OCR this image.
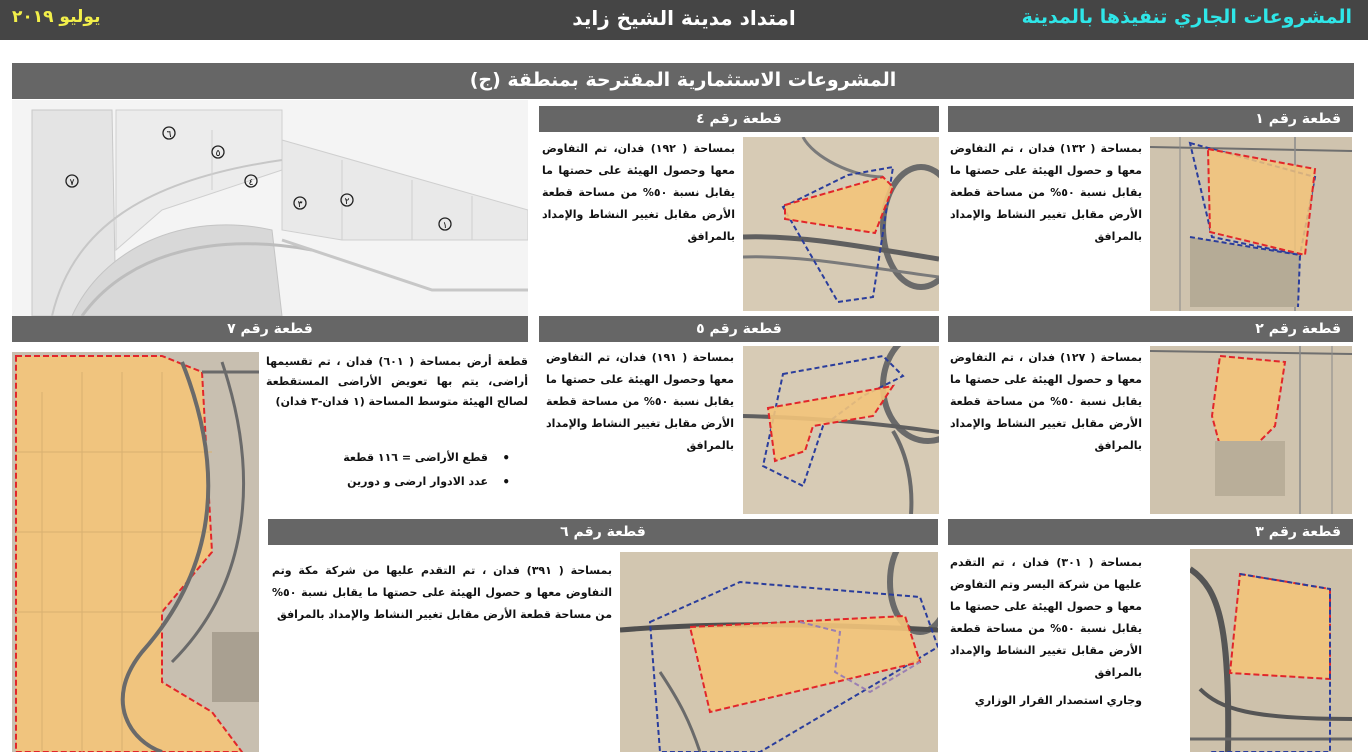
المشروعات الجاري تنفيذها بالمدينة
امتداد مدينة الشيخ زايد
يوليو ٢٠١٩
المشروعات الاستثمارية المقترحة بمنطقة (ج)
١
٢
٣
٤
٥
٦
٧
قطعة رقم ١
بمساحة ( ١٣٢) فدان ، تم التفاوض معها و حصول الهيئة على حصتها ما يقابل نسبة ٥٠% من مساحة قطعة الأرض مقابل تغيير النشاط والإمداد بالمرافق
قطعة رقم ٤
بمساحة ( ١٩٢) فدان، تم التفاوض معها وحصول الهيئة على حصتها ما يقابل نسبة ٥٠% من مساحة قطعة الأرض مقابل تغيير النشاط والإمداد بالمرافق
قطعة رقم ٢
بمساحة ( ١٢٧) فدان ، تم التفاوض معها و حصول الهيئة على حصتها ما يقابل نسبة ٥٠% من مساحة قطعة الأرض مقابل تغيير النشاط والإمداد بالمرافق
قطعة رقم ٥
بمساحة ( ١٩١) فدان، تم التفاوض معها وحصول الهيئة على حصتها ما يقابل نسبة ٥٠% من مساحة قطعة الأرض مقابل تغيير النشاط والإمداد بالمرافق
قطعة رقم ٧
قطعة أرض بمساحة ( ٦٠١) فدان ، تم تقسيمها أراضى، يتم بها تعويض الأراضى المستقطعة لصالح الهيئة متوسط المساحة (١ فدان-٣ فدان)
• قطع الأراضى = ١١٦ قطعة
• عدد الادوار ارضى و دورين
قطعة رقم ٣
بمساحة ( ٣٠١) فدان ، تم التقدم عليها من شركة اليسر وتم التفاوض معها و حصول الهيئة على حصتها ما يقابل نسبة ٥٠% من مساحة قطعة الأرض مقابل تغيير النشاط والإمداد بالمرافق
وجاري استصدار القرار الوزاري
قطعة رقم ٦
بمساحة ( ٣٩١) فدان ، تم التقدم عليها من شركة مكة وتم التفاوض معها و حصول الهيئة على حصتها ما يقابل نسبة ٥٠% من مساحة قطعة الأرض مقابل تغيير النشاط والإمداد بالمرافق
